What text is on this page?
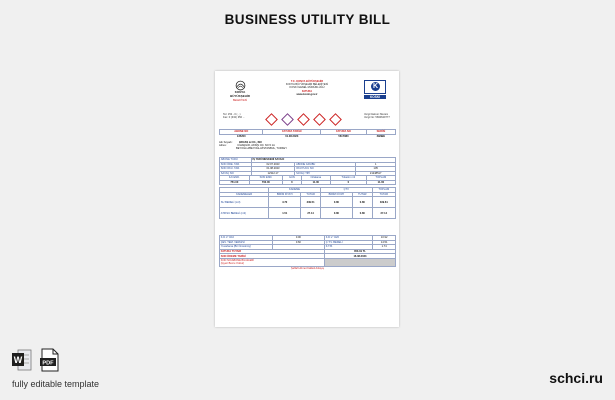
BUSINESS UTILITY BILL
KONYA
BÜYÜKŞEHİR
BELEDİYESİ
T.C. KONYA BÜYÜKŞEHİR
KONYA BÜYÜKŞEHİR BELEDİYESİ
KOSKİ GENEL MÜDÜRLÜĞÜ
FATURA
www.koski.gov.tr
K
KOSKİ
Tel: 153 - 0 (...)
Fax: 0 (332) 350 ...
Vergi Dairesi: Meram
Vergi No: 5690629777
ABONE NO	FATURA TARİHİ	FATURA NO	SERİSİ
135200	01.08.2023	5617880	ZB6BE
Adı Soyadı:	BRASS & CO., INC
Adres:	CİHANGİR, AKSİN CD. NO.5 1A
BEYOĞLU/BEYOĞLU/İSTANBUL, TURKEY
ABONE TÜRÜ	İŞ YERİ MESKENİ SAYACI		
SON ÖDE. TAR.	02.07.2023	ABONE GRUBU	1
SON OKU. TAR.	01.08.2023	OKUYUCU NO	105
SAYAÇ NO	12312.17	SAYAÇ TİPİ	21248517
İLK END.	SON END.	GÜN	Ortalama	Tüketim m3	TOPLAM
751.00	762.00	0	11.00	0	11.00
	KADEME		ÇTV		TOPLAM
KADEMELER	BİRİM FİYATI	TUTAR	BİRİM FİYATI	TUTAR	TUTAR
SU BEDELİ (m3)	3.70	339.51	0.80	0.80	339.61
ATIKSU BEDELİ (m3)	1.51	27.14	0.80	0.80	27.14
K.D.V. %10	0.00	K.D.V. %20	10.92
ÇEV. TEM. VERGİSİ	0.60	Ç.T.V. BEDELİ	14.51
Yuvarlama (Bir Önceki Ay)		K.T.B.	1.74
FATURA TUTARI		353.19 TL	
SON ÖDEME TARİHİ		16.08.2023	

KOD NO/ABONE BİLGİLERİ
(İşyeri Borcu Yoktur)			

Şeffaf Hizmet Kaliteli Anlayış
W	PDF
fully editable template	schci.ru
